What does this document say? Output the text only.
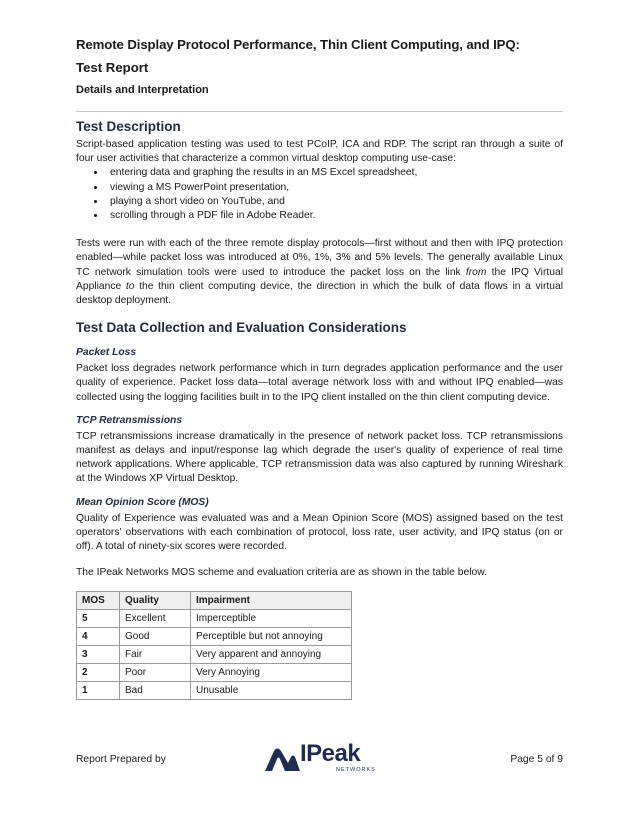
Remote Display Protocol Performance, Thin Client Computing, and IPQ:
Test Report
Details and Interpretation
Test Description

Script-based application testing was used to test PCoIP, ICA and RDP. The script ran through a suite of four user activities that characterize a common virtual desktop computing use-case:

• entering data and graphing the results in an MS Excel spreadsheet,
• viewing a MS PowerPoint presentation,
• playing a short video on YouTube, and
• scrolling through a PDF file in Adobe Reader.

Tests were run with each of the three remote display protocols—first without and then with IPQ protection enabled—while packet loss was introduced at 0%, 1%, 3% and 5% levels. The generally available Linux TC network simulation tools were used to introduce the packet loss on the link from the IPQ Virtual Appliance to the thin client computing device, the direction in which the bulk of data flows in a virtual desktop deployment.

Test Data Collection and Evaluation Considerations
Packet Loss

Packet loss degrades network performance which in turn degrades application performance and the user quality of experience. Packet loss data—total average network loss with and without IPQ enabled—was collected using the logging facilities built in to the IPQ client installed on the thin client computing device.

TCP Retransmissions

TCP retransmissions increase dramatically in the presence of network packet loss. TCP retransmissions manifest as delays and input/response lag which degrade the user's quality of experience of real time network applications. Where applicable, TCP retransmission data was also captured by running Wireshark at the Windows XP Virtual Desktop.

Mean Opinion Score (MOS)

Quality of Experience was evaluated was and a Mean Opinion Score (MOS) assigned based on the test operators' observations with each combination of protocol, loss rate, user activity, and IPQ status (on or off). A total of ninety-six scores were recorded.

The IPeak Networks MOS scheme and evaluation criteria are as shown in the table below.

MOS	Quality	Impairment
5	Excellent	Imperceptible
4	Good	Perceptible but not annoying
3	Fair	Very apparent and annoying
2	Poor	Very Annoying
1	Bad	Unusable
Report Prepared by	IPeak
NETWORKS
Page 5 of 9
